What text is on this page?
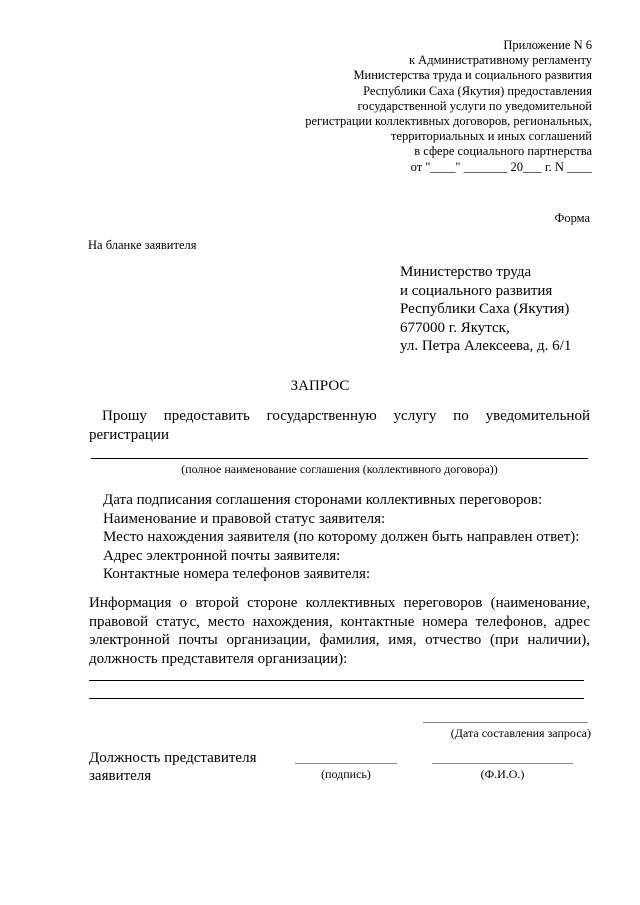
Приложение N 6
к Административному регламенту
Министерства труда и социального развития
Республики Саха (Якутия) предоставления
государственной услуги по уведомительной
регистрации коллективных договоров, региональных,
территориальных и иных соглашений
в сфере социального партнерства
от "____" _______ 20___ г. N ____
Форма
На бланке заявителя
Министерство труда
и социального развития
Республики Саха (Якутия)
677000 г. Якутск,
ул. Петра Алексеева, д. 6/1
ЗАПРОС
Прошу предоставить государственную услугу по уведомительной
регистрации
(полное наименование соглашения (коллективного договора))
Дата подписания соглашения сторонами коллективных переговоров:
Наименование и правовой статус заявителя:
Место нахождения заявителя (по которому должен быть направлен ответ):
Адрес электронной почты заявителя:
Контактные номера телефонов заявителя:
Информация о второй стороне коллективных переговоров (наименование,
правовой статус, место нахождения, контактные номера телефонов, адрес
электронной почты организации, фамилия, имя, отчество (при наличии),
должность представителя организации):
(Дата составления запроса)
Должность представителя
заявителя	(подпись)	(Ф.И.О.)
